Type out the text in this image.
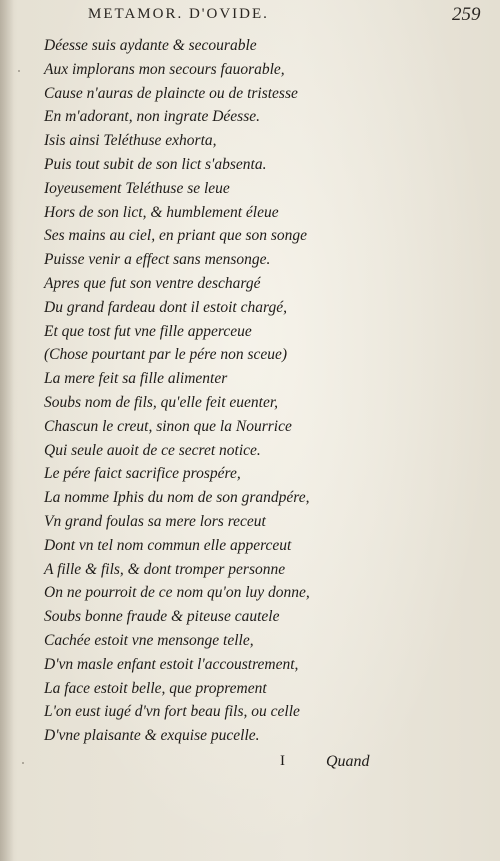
METAMOR. D'OVIDE.	259
Déesse suis aydante & secourable
Aux implorans mon secours fauorable,
Cause n'auras de plaincte ou de tristesse
En m'adorant, non ingrate Déesse.
Isis ainsi Teléthuse exhorta,
Puis tout subit de son lict s'absenta.
Ioyeusement Teléthuse se leue
Hors de son lict, & humblement éleue
Ses mains au ciel, en priant que son songe
Puisse venir a effect sans mensonge.
Apres que fut son ventre deschargé
Du grand fardeau dont il estoit chargé,
Et que tost fut vne fille apperceue
(Chose pourtant par le pére non sceue)
La mere feit sa fille alimenter
Soubs nom de fils, qu'elle feit euenter,
Chascun le creut, sinon que la Nourrice
Qui seule auoit de ce secret notice.
Le pére faict sacrifice prospére,
La nomme Iphis du nom de son grandpére,
Vn grand foulas sa mere lors receut
Dont vn tel nom commun elle apperceut
A fille & fils, & dont tromper personne
On ne pourroit de ce nom qu'on luy donne,
Soubs bonne fraude & piteuse cautele
Cachée estoit vne mensonge telle,
D'vn masle enfant estoit l'accoustrement,
La face estoit belle, que proprement
L'on eust iugé d'vn fort beau fils, ou celle
D'vne plaisante & exquise pucelle.
I	Quand
